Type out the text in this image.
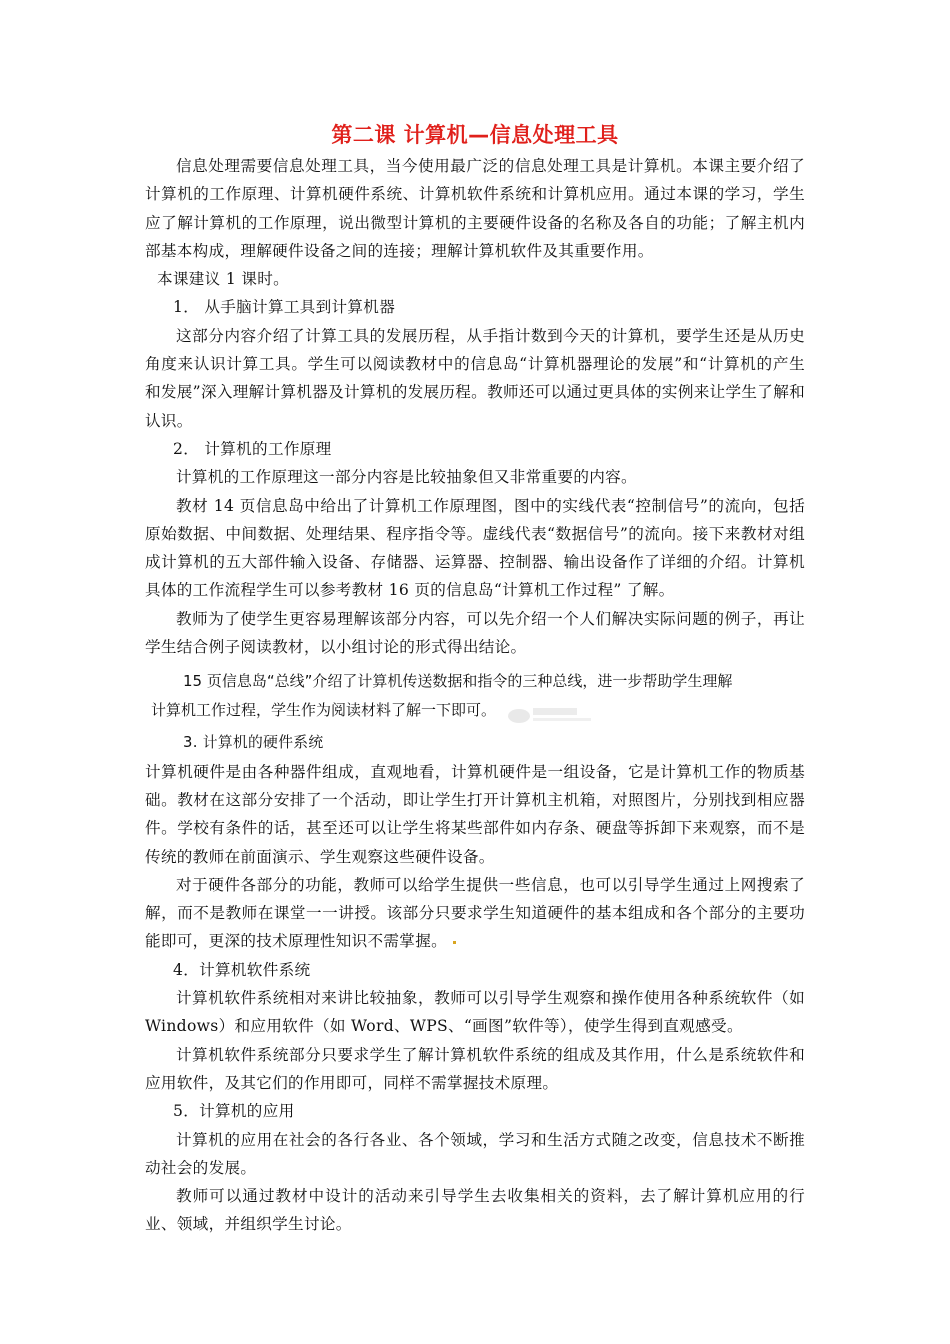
第二课 计算机—信息处理工具

信息处理需要信息处理工具，当今使用最广泛的信息处理工具是计算机。本课主要介绍了计算机的工作原理、计算机硬件系统、计算机软件系统和计算机应用。通过本课的学习，学生应了解计算机的工作原理，说出微型计算机的主要硬件设备的名称及各自的功能；了解主机内部基本构成，理解硬件设备之间的连接；理解计算机软件及其重要作用。

本课建议 1 课时。

1． 从手脑计算工具到计算机器

这部分内容介绍了计算工具的发展历程，从手指计数到今天的计算机，要学生还是从历史角度来认识计算工具。学生可以阅读教材中的信息岛“计算机器理论的发展”和“计算机的产生和发展”深入理解计算机器及计算机的发展历程。教师还可以通过更具体的实例来让学生了解和认识。

2． 计算机的工作原理

计算机的工作原理这一部分内容是比较抽象但又非常重要的内容。

教材 14 页信息岛中给出了计算机工作原理图，图中的实线代表“控制信号”的流向，包括原始数据、中间数据、处理结果、程序指令等。虚线代表“数据信号”的流向。接下来教材对组成计算机的五大部件输入设备、存储器、运算器、控制器、输出设备作了详细的介绍。计算机具体的工作流程学生可以参考教材 16 页的信息岛“计算机工作过程” 了解。

教师为了使学生更容易理解该部分内容，可以先介绍一个人们解决实际问题的例子，再让学生结合例子阅读教材，以小组讨论的形式得出结论。

15 页信息岛“总线”介绍了计算机传送数据和指令的三种总线，进一步帮助学生理解
计算机工作过程，学生作为阅读材料了解一下即可。

3. 计算机的硬件系统

计算机硬件是由各种器件组成，直观地看，计算机硬件是一组设备，它是计算机工作的物质基础。教材在这部分安排了一个活动，即让学生打开计算机主机箱，对照图片，分别找到相应器件。学校有条件的话，甚至还可以让学生将某些部件如内存条、硬盘等拆卸下来观察，而不是传统的教师在前面演示、学生观察这些硬件设备。

对于硬件各部分的功能，教师可以给学生提供一些信息，也可以引导学生通过上网搜索了解，而不是教师在课堂一一讲授。该部分只要求学生知道硬件的基本组成和各个部分的主要功能即可，更深的技术原理性知识不需掌握。

4．计算机软件系统

计算机软件系统相对来讲比较抽象，教师可以引导学生观察和操作使用各种系统软件（如 Windows）和应用软件（如 Word、WPS、“画图”软件等），使学生得到直观感受。

计算机软件系统部分只要求学生了解计算机软件系统的组成及其作用，什么是系统软件和应用软件，及其它们的作用即可，同样不需掌握技术原理。

5．计算机的应用

计算机的应用在社会的各行各业、各个领域，学习和生活方式随之改变，信息技术不断推动社会的发展。

教师可以通过教材中设计的活动来引导学生去收集相关的资料，去了解计算机应用的行业、领域，并组织学生讨论。
